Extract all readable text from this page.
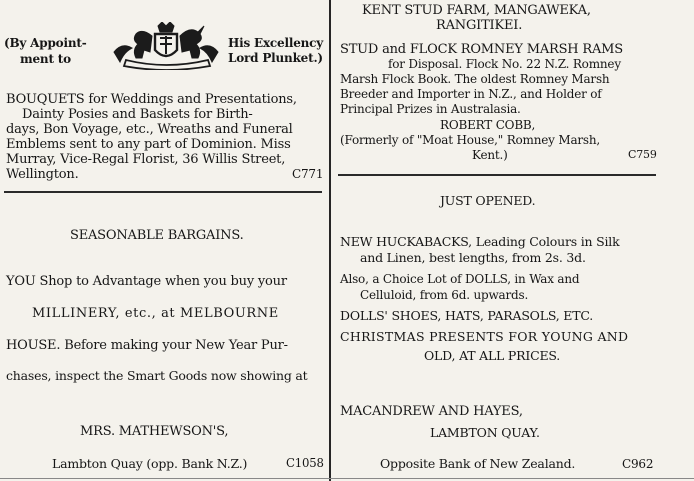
(By Appoint-

ment to

His Excellency

Lord Plunket.)

BOUQUETS for Weddings and Presentations,

Dainty Posies and Baskets for Birth-

days, Bon Voyage, etc., Wreaths and Funeral

Emblems sent to any part of Dominion. Miss

Murray, Vice-Regal Florist, 36 Willis Street,

Wellington.	C771

SEASONABLE BARGAINS.

YOU Shop to Advantage when you buy your

MILLINERY, etc., at MELBOURNE

HOUSE. Before making your New Year Pur-

chases, inspect the Smart Goods now showing at

MRS. MATHEWSON'S,

Lambton Quay (opp. Bank N.Z.)	C1058

KENT STUD FARM, MANGAWEKA,

RANGITIKEI.

STUD and FLOCK ROMNEY MARSH RAMS

for Disposal. Flock No. 22 N.Z. Romney

Marsh Flock Book. The oldest Romney Marsh

Breeder and Importer in N.Z., and Holder of

Principal Prizes in Australasia.

ROBERT COBB,

(Formerly of "Moat House," Romney Marsh,

Kent.)	C759

JUST OPENED.

NEW HUCKABACKS, Leading Colours in Silk

and Linen, best lengths, from 2s. 3d.

Also, a Choice Lot of DOLLS, in Wax and

Celluloid, from 6d. upwards.

DOLLS' SHOES, HATS, PARASOLS, ETC.

CHRISTMAS PRESENTS FOR YOUNG AND

OLD, AT ALL PRICES.

MACANDREW AND HAYES,

LAMBTON QUAY.

Opposite Bank of New Zealand.	C962
